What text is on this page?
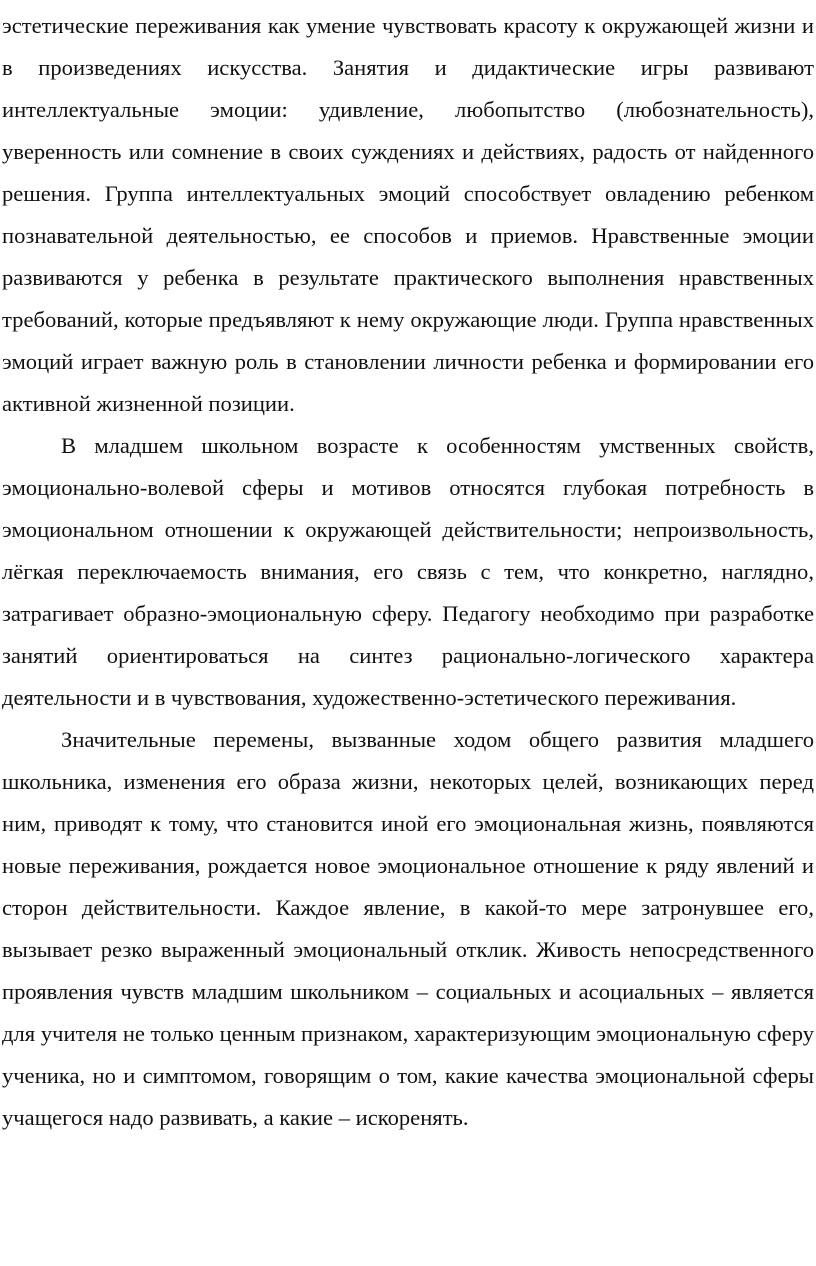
эстетические переживания как умение чувствовать красоту к окружающей жизни и в произведениях искусства. Занятия и дидактические игры развивают интеллектуальные эмоции: удивление, любопытство (любознательность), уверенность или сомнение в своих суждениях и действиях, радость от найденного решения. Группа интеллектуальных эмоций способствует овладению ребенком познавательной деятельностью, ее способов и приемов. Нравственные эмоции развиваются у ребенка в результате практического выполнения нравственных требований, которые предъявляют к нему окружающие люди. Группа нравственных эмоций играет важную роль в становлении личности ребенка и формировании его активной жизненной позиции.

В младшем школьном возрасте к особенностям умственных свойств, эмоционально-волевой сферы и мотивов относятся глубокая потребность в эмоциональном отношении к окружающей действительности; непроизвольность, лёгкая переключаемость внимания, его связь с тем, что конкретно, наглядно, затрагивает образно-эмоциональную сферу. Педагогу необходимо при разработке занятий ориентироваться на синтез рационально-логического характера деятельности и в чувствования, художественно-эстетического переживания.

Значительные перемены, вызванные ходом общего развития младшего школьника, изменения его образа жизни, некоторых целей, возникающих перед ним, приводят к тому, что становится иной его эмоциональная жизнь, появляются новые переживания, рождается новое эмоциональное отношение к ряду явлений и сторон действительности. Каждое явление, в какой-то мере затронувшее его, вызывает резко выраженный эмоциональный отклик. Живость непосредственного проявления чувств младшим школьником – социальных и асоциальных – является для учителя не только ценным признаком, характеризующим эмоциональную сферу ученика, но и симптомом, говорящим о том, какие качества эмоциональной сферы учащегося надо развивать, а какие – искоренять.
